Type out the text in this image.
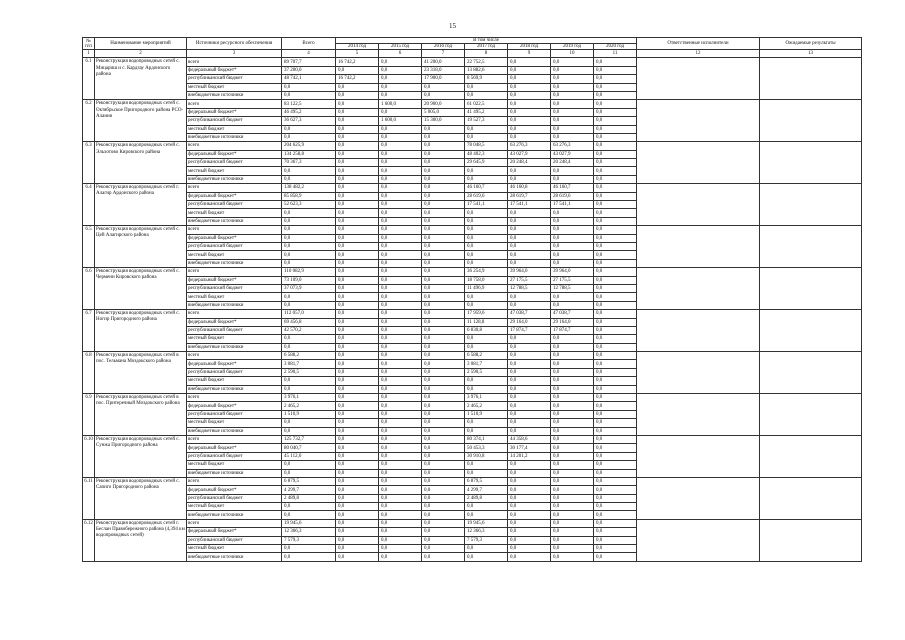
15
№ п/п	Наименование мероприятий	Источники ресурсного обеспечения	Всего	В том числе							Ответственные исполнители	Ожидаемые результаты
				2014 год	2015 год	2016 год	2017 год	2018 год	2019 год	2020 год		
1	2	3	4	5	6	7	8	9	10	11	12	13
6.1	Реконструкция водопроводных сетей с. Мицариш и с. Кардзау Ардонского района	всего	89 707,7	16 742,2	0,0	41 200,0	22 752,5	0,0	0,0	0,0		
		федеральный бюджет*	37 200,0	0,0	0,0	23 318,0	13 882,6	0,0	0,0	0,0		
		республиканский бюджет	48 742,1	16 742,2	0,0	17 900,0	8 569,9	0,0	0,0	0,0		
		местный бюджет	0,0	0,0	0,0	0,0	0,0	0,0	0,0	0,0		
		внебюджетные источники	0,0	0,0	0,0	0,0	0,0	0,0	0,0	0,0		
6.2	Реконструкция водопроводных сетей с. Октябрьское Пригородного района РСО-Алания	всего	83 122,5	0,0	1 600,0	20 900,0	61 022,5	0,0	0,0	0,0		
		федеральный бюджет*	46 495,2	0,0	0,0	5 005,0	41 495,2	0,0	0,0	0,0		
		республиканский бюджет	36 627,3	0,0	1 600,0	15 300,0	19 527,3	0,0	0,0	0,0		
		местный бюджет	0,0	0,0	0,0	0,0	0,0	0,0	0,0	0,0		
		внебюджетные источники	0,0	0,0	0,0	0,0	0,0	0,0	0,0	0,0		
6.3	Реконструкция водопроводных сетей с. Эльхотово Кировского района	всего	204 625,9	0,0	0,0	0,0	78 048,5	63 276,3	63 276,3	0,0		
		федеральный бюджет*	134 258,8	0,0	0,0	0,0	48 402,3	43 027,9	43 027,9	0,0		
		республиканский бюджет	70 367,3	0,0	0,0	0,0	29 645,9	20 248,4	20 248,4	0,0		
		местный бюджет	0,0	0,0	0,0	0,0	0,0	0,0	0,0	0,0		
		внебюджетные источники	0,0	0,0	0,0	0,0	0,0	0,0	0,0	0,0		
6.4	Реконструкция водопроводных сетей г. Алагир Ардонского района	всего	138 482,2	0,0	0,0	0,0	46 160,7	46 160,8	46 160,7	0,0		
		федеральный бюджет*	85 858,9	0,0	0,0	0,0	28 619,6	28 619,7	28 619,6	0,0		
		республиканский бюджет	52 623,3	0,0	0,0	0,0	17 541,1	17 541,1	17 541,1	0,0		
		местный бюджет	0,0	0,0	0,0	0,0	0,0	0,0	0,0	0,0		
		внебюджетные источники	0,0	0,0	0,0	0,0	0,0	0,0	0,0	0,0		
6.5	Реконструкция водопроводных сетей с. Цей Алагирского района	всего	0,0	0,0	0,0	0,0	0,0	0,0	0,0	0,0		
		федеральный бюджет*	0,0	0,0	0,0	0,0	0,0	0,0	0,0	0,0		
		республиканский бюджет	0,0	0,0	0,0	0,0	0,0	0,0	0,0	0,0		
		местный бюджет	0,0	0,0	0,0	0,0	0,0	0,0	0,0	0,0		
		внебюджетные источники	0,0	0,0	0,0	0,0	0,0	0,0	0,0	0,0		
6.6	Реконструкция водопроводных сетей с. Черменн Кировского района	всего	110 082,9	0,0	0,0	0,0	36 254,9	39 964,0	39 964,0	0,0		
		федеральный бюджет*	73 109,0	0,0	0,0	0,0	18 758,0	27 175,5	27 175,5	0,0		
		республиканский бюджет	37 073,9	0,0	0,0	0,0	11 496,9	12 788,5	12 788,5	0,0		
		местный бюджет	0,0	0,0	0,0	0,0	0,0	0,0	0,0	0,0		
		внебюджетные источники	0,0	0,0	0,0	0,0	0,0	0,0	0,0	0,0		
6.7	Реконструкция водопроводных сетей с. Ногир Пригородного района	всего	112 057,0	0,0	0,0	0,0	17 959,6	47 038,7	47 038,7	0,0		
		федеральный бюджет*	69 456,8	0,0	0,0	0,0	11 128,8	29 164,0	29 164,0	0,0		
		республиканский бюджет	42 570,2	0,0	0,0	0,0	6 830,8	17 874,7	17 874,7	0,0		
		местный бюджет	0,0	0,0	0,0	0,0	0,0	0,0	0,0	0,0		
		внебюджетные источники	0,0	0,0	0,0	0,0	0,0	0,0	0,0	0,0		
6.8	Реконструкция водопроводных сетей в пос. Тельмана Моздокского района	всего	6 588,2	0,0	0,0	0,0	6 588,2	0,0	0,0	0,0		
		федеральный бюджет*	3 081,7	0,0	0,0	0,0	3 081,7	0,0	0,0	0,0		
		республиканский бюджет	2 590,5	0,0	0,0	0,0	2 590,5	0,0	0,0	0,0		
		местный бюджет	0,0	0,0	0,0	0,0	0,0	0,0	0,0	0,0		
		внебюджетные источники	0,0	0,0	0,0	0,0	0,0	0,0	0,0	0,0		
6.9	Реконструкция водопроводных сетей в пос. Притеречный Моздокского района	всего	3 976,1	0,0	0,0	0,0	3 976,1	0,0	0,0	0,0		
		федеральный бюджет*	2 465,2	0,0	0,0	0,0	2 465,2	0,0	0,0	0,0		
		республиканский бюджет	1 510,9	0,0	0,0	0,0	1 510,9	0,0	0,0	0,0		
		местный бюджет	0,0	0,0	0,0	0,0	0,0	0,0	0,0	0,0		
		внебюджетные источники	0,0	0,0	0,0	0,0	0,0	0,0	0,0	0,0		
6.10	Реконструкция водопроводных сетей с. Сунжа Пригородного района	всего	125 732,7	0,0	0,0	0,0	80 374,1	44 358,6	0,0	0,0		
		федеральный бюджет*	80 040,7	0,0	0,0	0,0	50 453,3	30 177,4	0,0	0,0		
		республиканский бюджет	45 112,0	0,0	0,0	0,0	30 910,8	14 201,2	0,0	0,0		
		местный бюджет	0,0	0,0	0,0	0,0	0,0	0,0	0,0	0,0		
		внебюджетные источники	0,0	0,0	0,0	0,0	0,0	0,0	0,0	0,0		
6.11	Реконструкция водопроводных сетей с. Сапиго Пригородного района	всего	6 879,5	0,0	0,0	0,0	6 879,5	0,0	0,0	0,0		
		федеральный бюджет*	4 299,7	0,0	0,0	0,0	4 299,7	0,0	0,0	0,0		
		республиканский бюджет	2 489,8	0,0	0,0	0,0	2 489,8	0,0	0,0	0,0		
		местный бюджет	0,0	0,0	0,0	0,0	0,0	0,0	0,0	0,0		
		внебюджетные источники	0,0	0,0	0,0	0,0	0,0	0,0	0,0	0,0		
6.12	Реконструкция водопроводных сетей г. Беслан Правобережного района (4,394 км водопроводных сетей)	всего	19 945,6	0,0	0,0	0,0	19 945,6	0,0	0,0	0,0		
		федеральный бюджет*	12 366,3	0,0	0,0	0,0	12 366,3	0,0	0,0	0,0		
		республиканский бюджет	7 579,3	0,0	0,0	0,0	7 579,3	0,0	0,0	0,0		
		местный бюджет	0,0	0,0	0,0	0,0	0,0	0,0	0,0	0,0		
		внебюджетные источники	0,0	0,0	0,0	0,0	0,0	0,0	0,0	0,0		
